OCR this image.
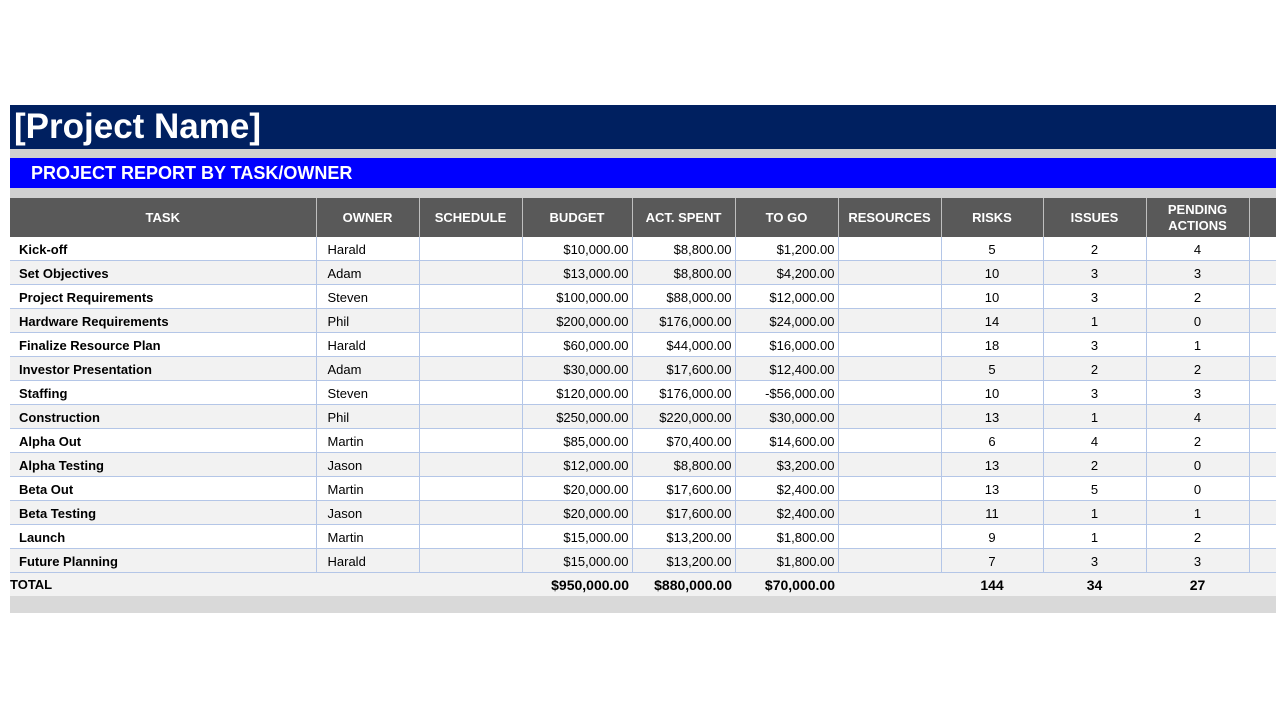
[Project Name]
PROJECT REPORT BY TASK/OWNER
TASK	OWNER	SCHEDULE	BUDGET	ACT. SPENT	TO GO	RESOURCES	RISKS	ISSUES	PENDING
ACTIONS	
Kick-off	Harald		$10,000.00	$8,800.00	$1,200.00		5	2	4	
Set Objectives	Adam		$13,000.00	$8,800.00	$4,200.00		10	3	3	
Project Requirements	Steven		$100,000.00	$88,000.00	$12,000.00		10	3	2	
Hardware Requirements	Phil		$200,000.00	$176,000.00	$24,000.00		14	1	0	
Finalize Resource Plan	Harald		$60,000.00	$44,000.00	$16,000.00		18	3	1	
Investor Presentation	Adam		$30,000.00	$17,600.00	$12,400.00		5	2	2	
Staffing	Steven		$120,000.00	$176,000.00	-$56,000.00		10	3	3	
Construction	Phil		$250,000.00	$220,000.00	$30,000.00		13	1	4	
Alpha Out	Martin		$85,000.00	$70,400.00	$14,600.00		6	4	2	
Alpha Testing	Jason		$12,000.00	$8,800.00	$3,200.00		13	2	0	
Beta Out	Martin		$20,000.00	$17,600.00	$2,400.00		13	5	0	
Beta Testing	Jason		$20,000.00	$17,600.00	$2,400.00		11	1	1	
Launch	Martin		$15,000.00	$13,200.00	$1,800.00		9	1	2	
Future Planning	Harald		$15,000.00	$13,200.00	$1,800.00		7	3	3	
TOTAL			$950,000.00	$880,000.00	$70,000.00		144	34	27	
